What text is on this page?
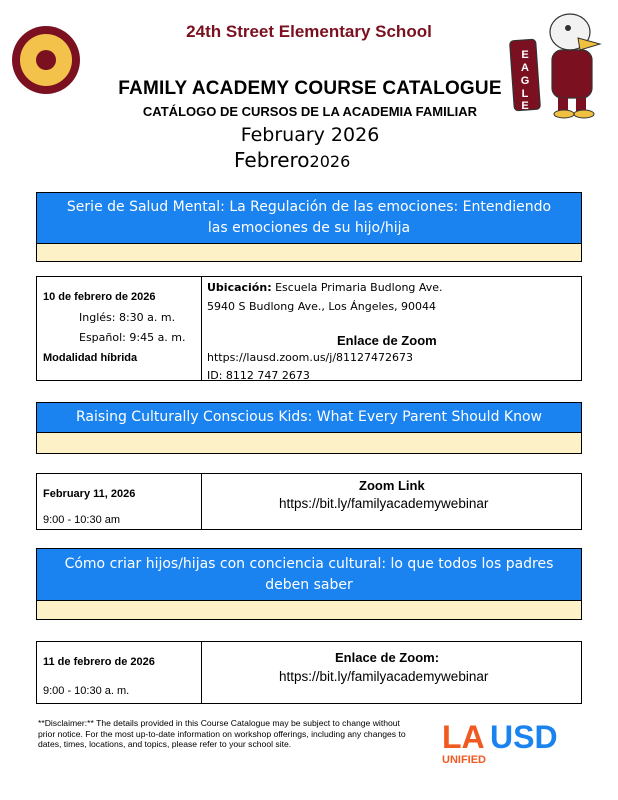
24th Street Elementary School
E
A
G
L
E
FAMILY ACADEMY COURSE CATALOGUE
CATÁLOGO DE CURSOS DE LA ACADEMIA FAMILIAR
February 2026
Febrero2026
Serie de Salud Mental: La Regulación de las emociones: Entendiendo las emociones de su hijo/hija
10 de febrero de 2026
Inglés: 8:30 a. m.
Español: 9:45 a. m.
Modalidad híbrida
Ubicación: Escuela Primaria Budlong Ave.
5940 S Budlong Ave., Los Ángeles, 90044
Enlace de Zoom
https://lausd.zoom.us/j/81127472673
ID: 8112 747 2673
Raising Culturally Conscious Kids: What Every Parent Should Know
February 11, 2026
9:00 - 10:30 am
Zoom Link
https://bit.ly/familyacademywebinar
Cómo criar hijos/hijas con conciencia cultural: lo que todos los padres deben saber
11 de febrero de 2026
9:00 - 10:30 a. m.
Enlace de Zoom:
https://bit.ly/familyacademywebinar
**Disclaimer:** The details provided in this Course Catalogue may be subject to change without prior notice. For the most up-to-date information on workshop offerings, including any changes to dates, times, locations, and topics, please refer to your school site.	LA USD
UNIFIED
